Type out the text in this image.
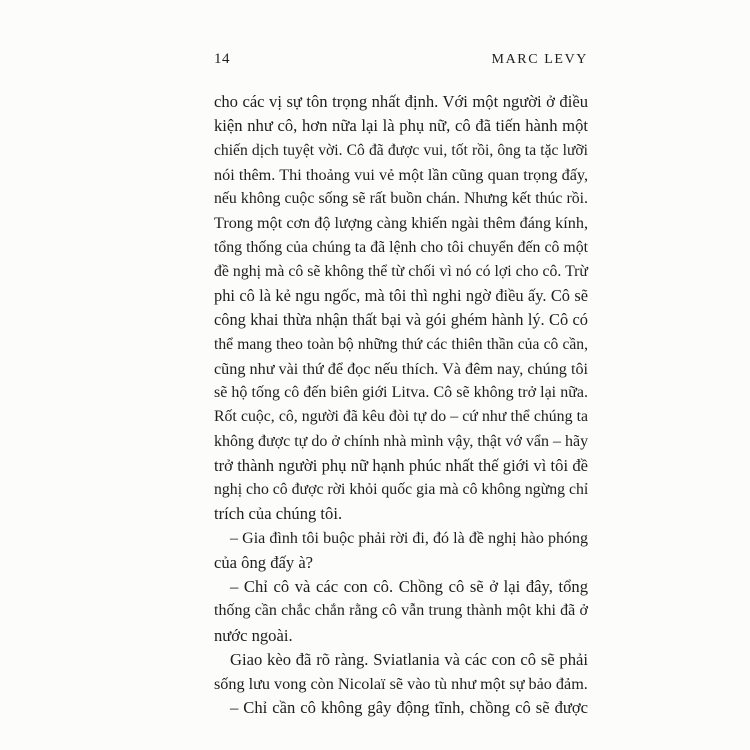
14	MARC LEVY
cho các vị sự tôn trọng nhất định. Với một người ở điều
kiện như cô, hơn nữa lại là phụ nữ, cô đã tiến hành một
chiến dịch tuyệt vời. Cô đã được vui, tốt rồi, ông ta tặc lưỡi
nói thêm. Thi thoảng vui vẻ một lần cũng quan trọng đấy,
nếu không cuộc sống sẽ rất buồn chán. Nhưng kết thúc rồi.
Trong một cơn độ lượng càng khiến ngài thêm đáng kính,
tổng thống của chúng ta đã lệnh cho tôi chuyển đến cô một
đề nghị mà cô sẽ không thể từ chối vì nó có lợi cho cô. Trừ
phi cô là kẻ ngu ngốc, mà tôi thì nghi ngờ điều ấy. Cô sẽ
công khai thừa nhận thất bại và gói ghém hành lý. Cô có
thể mang theo toàn bộ những thứ các thiên thần của cô cần,
cũng như vài thứ để đọc nếu thích. Và đêm nay, chúng tôi
sẽ hộ tống cô đến biên giới Litva. Cô sẽ không trở lại nữa.
Rốt cuộc, cô, người đã kêu đòi tự do – cứ như thể chúng ta
không được tự do ở chính nhà mình vậy, thật vớ vẩn – hãy
trở thành người phụ nữ hạnh phúc nhất thế giới vì tôi đề
nghị cho cô được rời khỏi quốc gia mà cô không ngừng chỉ
trích của chúng tôi.
– Gia đình tôi buộc phải rời đi, đó là đề nghị hào phóng
của ông đấy à?
– Chỉ cô và các con cô. Chồng cô sẽ ở lại đây, tổng
thống cần chắc chắn rằng cô vẫn trung thành một khi đã ở
nước ngoài.
Giao kèo đã rõ ràng. Sviatlania và các con cô sẽ phải
sống lưu vong còn Nicolaï sẽ vào tù như một sự bảo đảm.
– Chỉ cần cô không gây động tĩnh, chồng cô sẽ được
